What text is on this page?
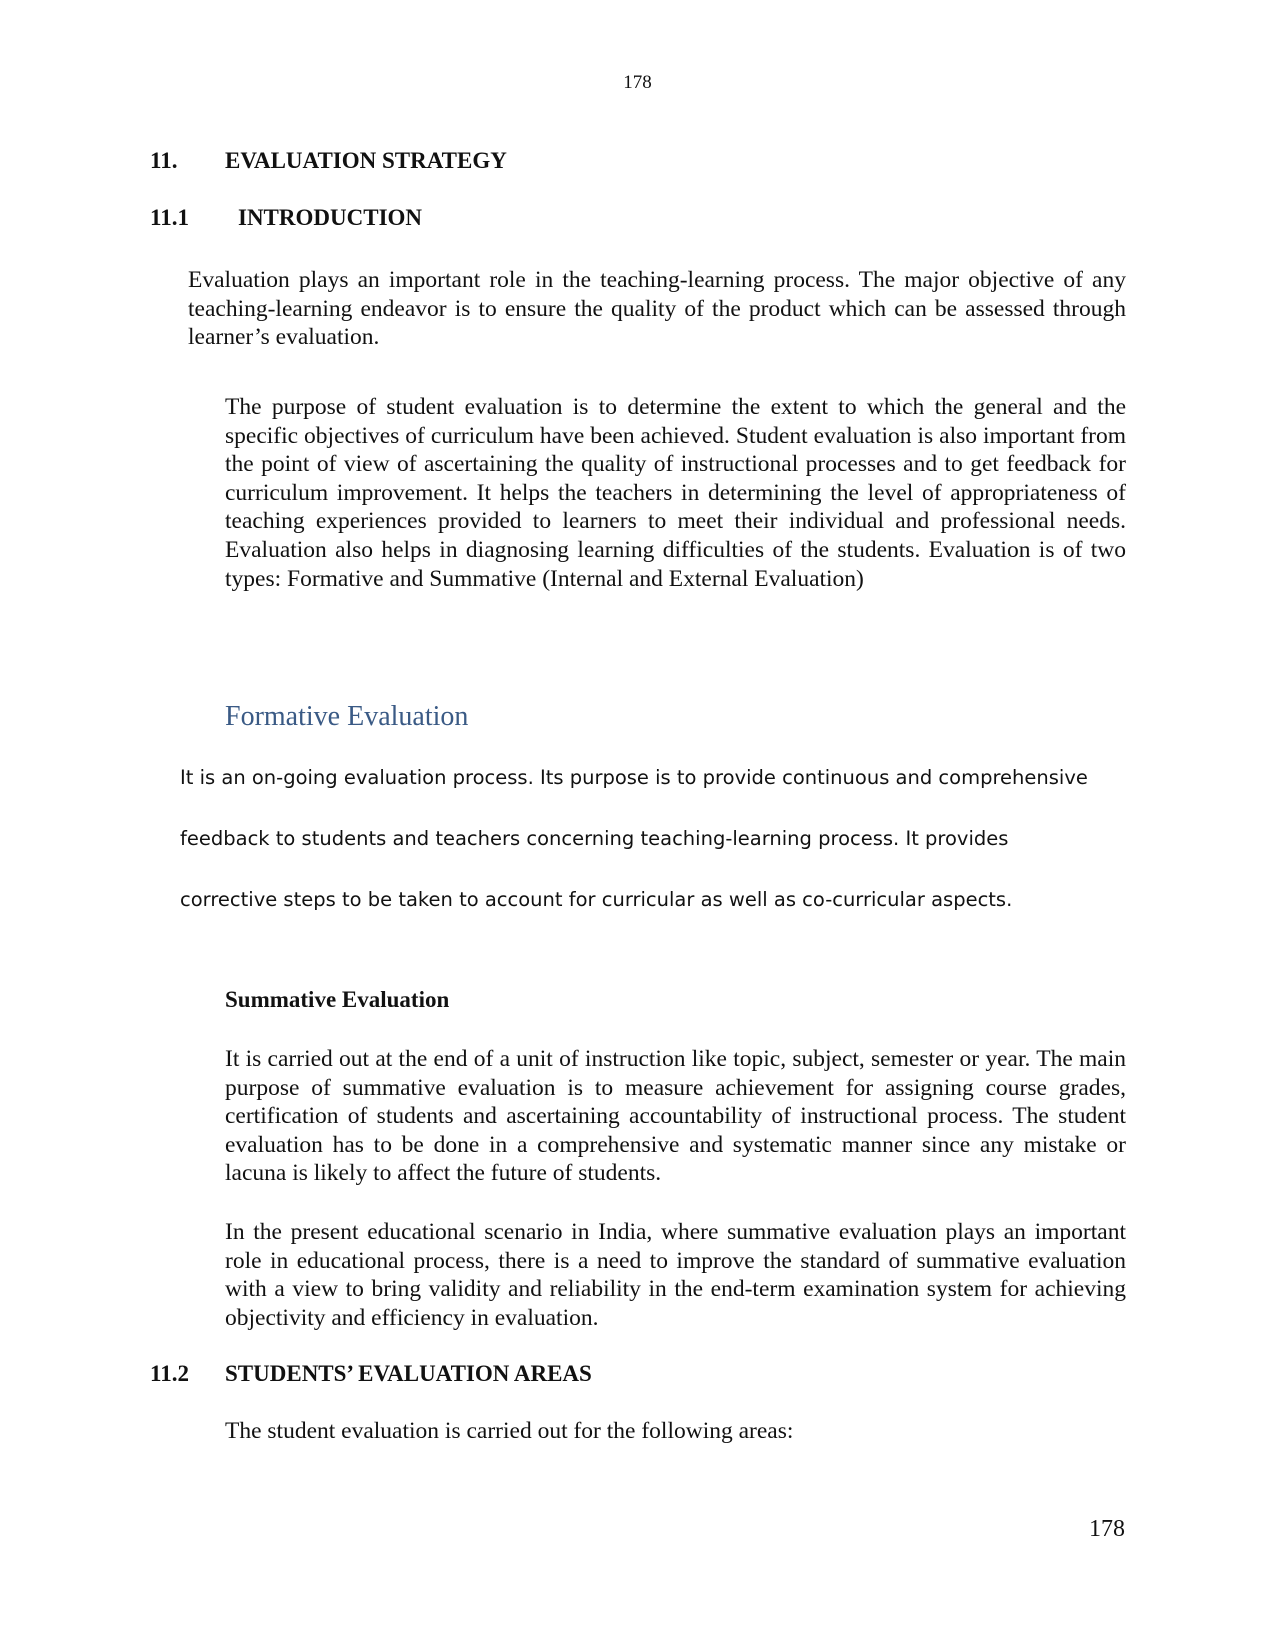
178
11. EVALUATION STRATEGY
11.1 INTRODUCTION

Evaluation plays an important role in the teaching-learning process. The major objective of any teaching-learning endeavor is to ensure the quality of the product which can be assessed through learner’s evaluation.

The purpose of student evaluation is to determine the extent to which the general and the specific objectives of curriculum have been achieved. Student evaluation is also important from the point of view of ascertaining the quality of instructional processes and to get feedback for curriculum improvement. It helps the teachers in determining the level of appropriateness of teaching experiences provided to learners to meet their individual and professional needs. Evaluation also helps in diagnosing learning difficulties of the students. Evaluation is of two types: Formative and Summative (Internal and External Evaluation)

Formative Evaluation
It is an on-going evaluation process. Its purpose is to provide continuous and comprehensive
feedback to students and teachers concerning teaching-learning process. It provides
corrective steps to be taken to account for curricular as well as co-curricular aspects.
Summative Evaluation

It is carried out at the end of a unit of instruction like topic, subject, semester or year. The main purpose of summative evaluation is to measure achievement for assigning course grades, certification of students and ascertaining accountability of instructional process. The student evaluation has to be done in a comprehensive and systematic manner since any mistake or lacuna is likely to affect the future of students.

In the present educational scenario in India, where summative evaluation plays an important role in educational process, there is a need to improve the standard of summative evaluation with a view to bring validity and reliability in the end-term examination system for achieving objectivity and efficiency in evaluation.

11.2 STUDENTS’ EVALUATION AREAS
The student evaluation is carried out for the following areas:
178
